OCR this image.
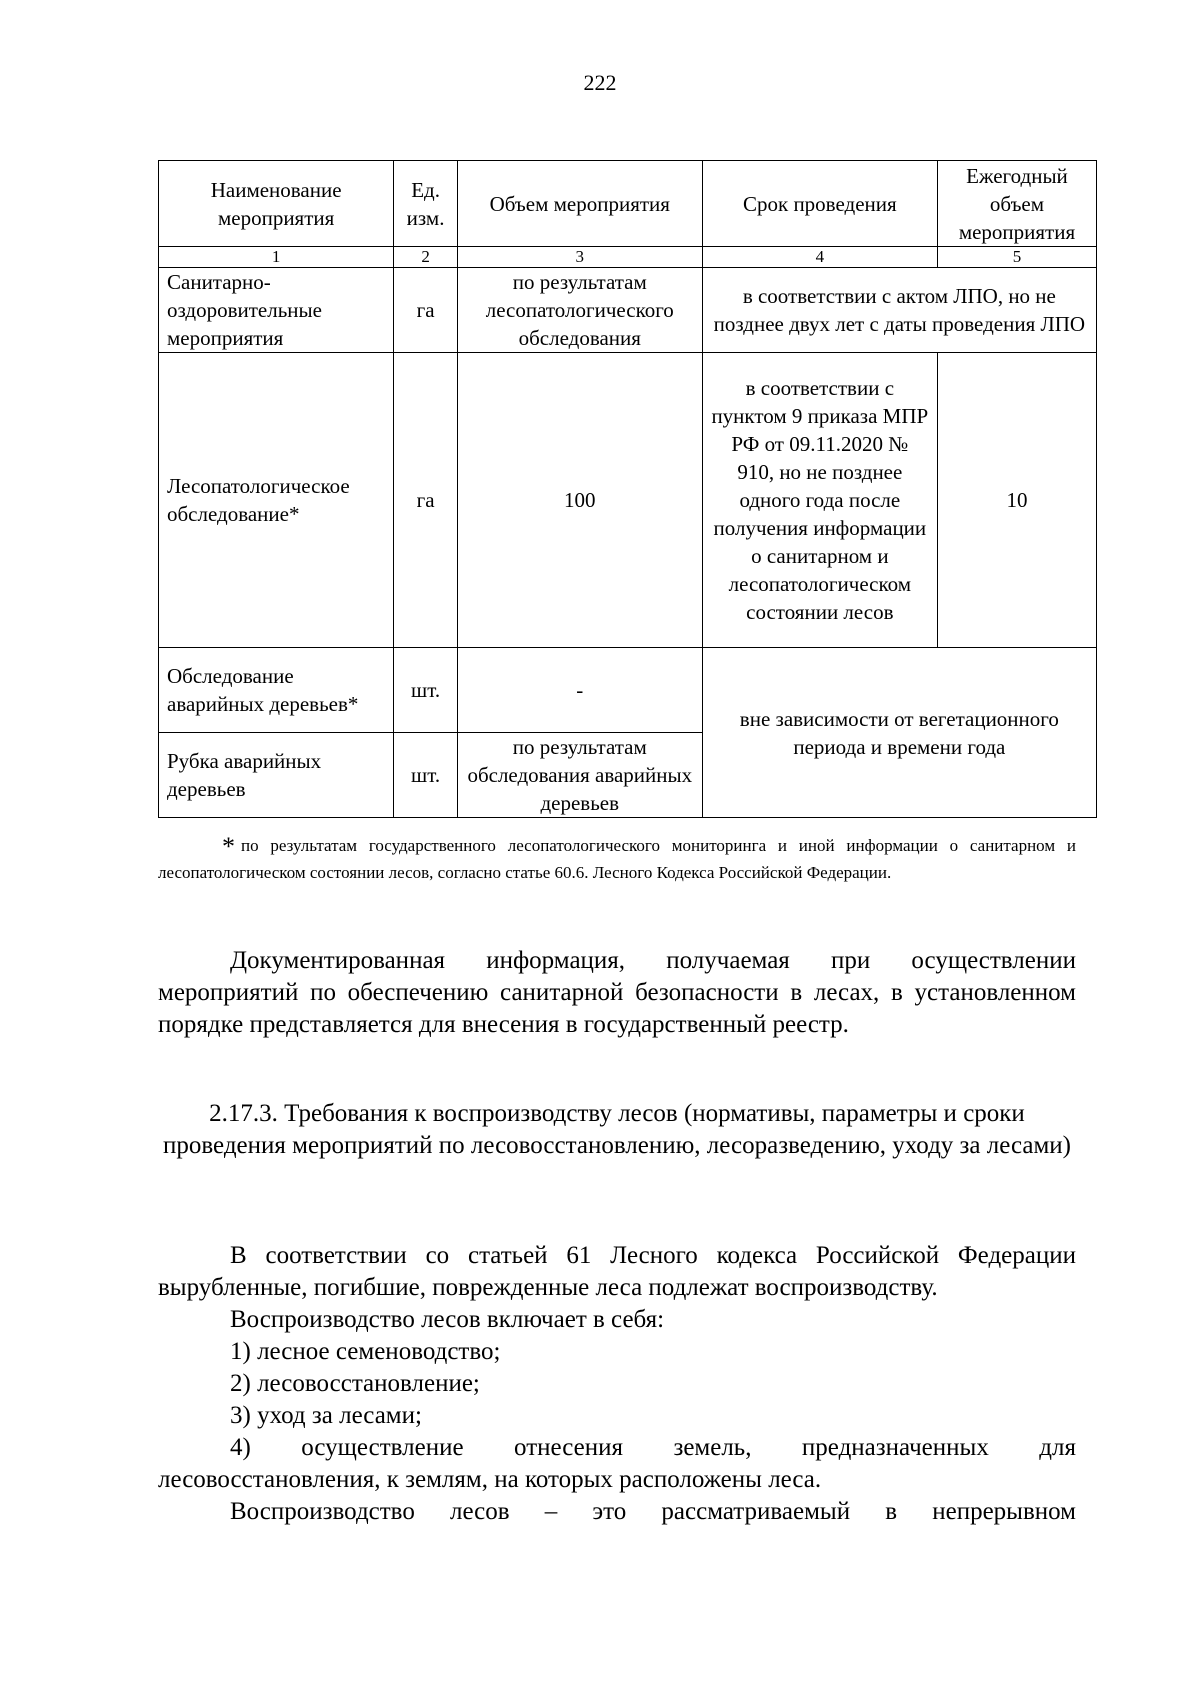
222
Наименование мероприятия	Ед. изм.	Объем мероприятия	Срок проведения	Ежегодный объем мероприятия
1	2	3	4	5
Санитарно-оздоровительные мероприятия	га	по результатам лесопатологического обследования	в соответствии с актом ЛПО, но не позднее двух лет с даты проведения ЛПО	
Лесопатологическое обследование*	га	100	в соответствии с пунктом 9 приказа МПР РФ от 09.11.2020 № 910, но не позднее одного года после получения информации о санитарном и лесопатологическом состоянии лесов	10
Обследование аварийных деревьев*	шт.	-	вне зависимости от вегетационного периода и времени года	
Рубка аварийных деревьев	шт.	по результатам обследования аварийных деревьев		
* по результатам государственного лесопатологического мониторинга и иной информации о санитарном и лесопатологическом состоянии лесов, согласно статье 60.6. Лесного Кодекса Российской Федерации.

Документированная информация, получаемая при осуществлении мероприятий по обеспечению санитарной безопасности в лесах, в установленном порядке представляется для внесения в государственный реестр.

2.17.3. Требования к воспроизводству лесов (нормативы, параметры и сроки проведения мероприятий по лесовосстановлению, лесоразведению, уходу за лесами)

В соответствии со статьей 61 Лесного кодекса Российской Федерации вырубленные, погибшие, поврежденные леса подлежат воспроизводству.

Воспроизводство лесов включает в себя:

1) лесное семеноводство;

2) лесовосстановление;

3) уход за лесами;

4) осуществление отнесения земель, предназначенных для лесовосстановления, к землям, на которых расположены леса.

Воспроизводство лесов – это рассматриваемый в непрерывном
